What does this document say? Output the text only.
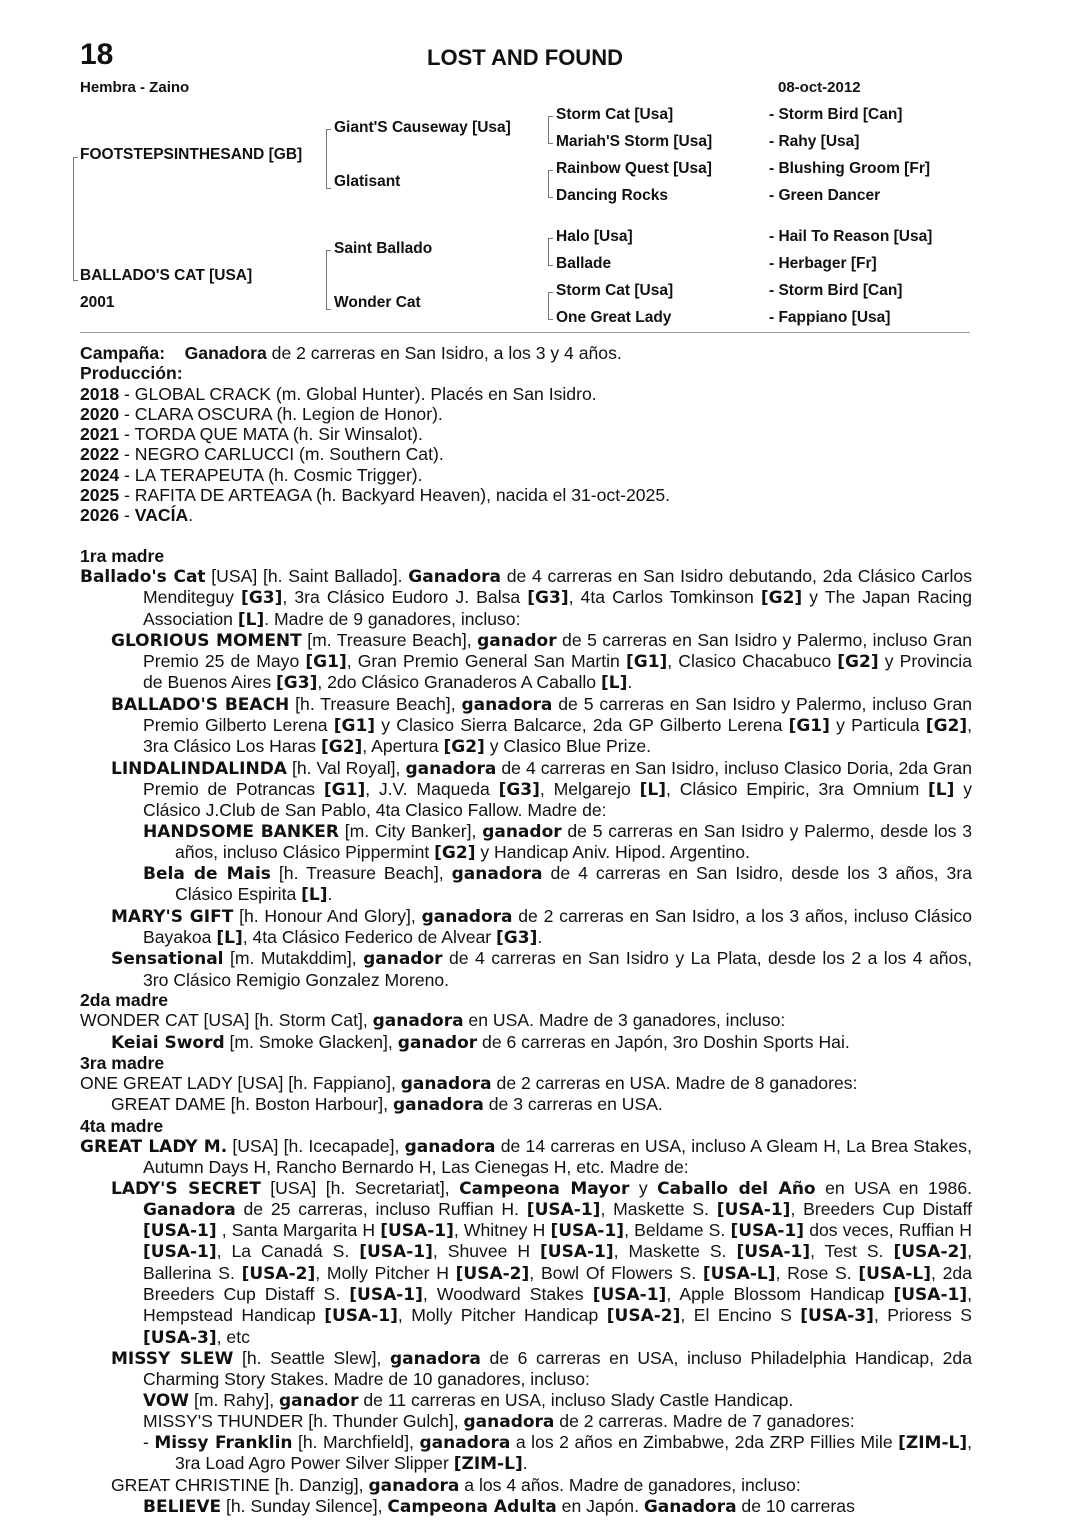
18	LOST AND FOUND
Hembra - Zaino	08-oct-2012
FOOTSTEPSINTHESAND [GB]
BALLADO'S CAT [USA]
2001
Giant'S Causeway [Usa]
Glatisant
Saint Ballado
Wonder Cat
Storm Cat [Usa]
Mariah'S Storm [Usa]
Rainbow Quest [Usa]
Dancing Rocks
Halo [Usa]
Ballade
Storm Cat [Usa]
One Great Lady
- Storm Bird [Can]
- Rahy [Usa]
- Blushing Groom [Fr]
- Green Dancer
- Hail To Reason [Usa]
- Herbager [Fr]
- Storm Bird [Can]
- Fappiano [Usa]

Campaña: Ganadora de 2 carreras en San Isidro, a los 3 y 4 años.

Producción:

2018 - GLOBAL CRACK (m. Global Hunter). Placés en San Isidro.

2020 - CLARA OSCURA (h. Legion de Honor).

2021 - TORDA QUE MATA (h. Sir Winsalot).

2022 - NEGRO CARLUCCI (m. Southern Cat).

2024 - LA TERAPEUTA (h. Cosmic Trigger).

2025 - RAFITA DE ARTEAGA (h. Backyard Heaven), nacida el 31-oct-2025.

2026 - VACÍA.

1ra madre

Ballado's Cat [USA] [h. Saint Ballado]. Ganadora de 4 carreras en San Isidro debutando, 2da Clásico Carlos Menditeguy [G3], 3ra Clásico Eudoro J. Balsa [G3], 4ta Carlos Tomkinson [G2] y The Japan Racing Association [L]. Madre de 9 ganadores, incluso:

GLORIOUS MOMENT [m. Treasure Beach], ganador de 5 carreras en San Isidro y Palermo, incluso Gran Premio 25 de Mayo [G1], Gran Premio General San Martin [G1], Clasico Chacabuco [G2] y Provincia de Buenos Aires [G3], 2do Clásico Granaderos A Caballo [L].

BALLADO'S BEACH [h. Treasure Beach], ganadora de 5 carreras en San Isidro y Palermo, incluso Gran Premio Gilberto Lerena [G1] y Clasico Sierra Balcarce, 2da GP Gilberto Lerena [G1] y Particula [G2], 3ra Clásico Los Haras [G2], Apertura [G2] y Clasico Blue Prize.

LINDALINDALINDA [h. Val Royal], ganadora de 4 carreras en San Isidro, incluso Clasico Doria, 2da Gran Premio de Potrancas [G1], J.V. Maqueda [G3], Melgarejo [L], Clásico Empiric, 3ra Omnium [L] y Clásico J.Club de San Pablo, 4ta Clasico Fallow. Madre de:

HANDSOME BANKER [m. City Banker], ganador de 5 carreras en San Isidro y Palermo, desde los 3 años, incluso Clásico Pippermint [G2] y Handicap Aniv. Hipod. Argentino.

Bela de Mais [h. Treasure Beach], ganadora de 4 carreras en San Isidro, desde los 3 años, 3ra Clásico Espirita [L].

MARY'S GIFT [h. Honour And Glory], ganadora de 2 carreras en San Isidro, a los 3 años, incluso Clásico Bayakoa [L], 4ta Clásico Federico de Alvear [G3].

Sensational [m. Mutakddim], ganador de 4 carreras en San Isidro y La Plata, desde los 2 a los 4 años, 3ro Clásico Remigio Gonzalez Moreno.

2da madre

WONDER CAT [USA] [h. Storm Cat], ganadora en USA. Madre de 3 ganadores, incluso:

Keiai Sword [m. Smoke Glacken], ganador de 6 carreras en Japón, 3ro Doshin Sports Hai.

3ra madre

ONE GREAT LADY [USA] [h. Fappiano], ganadora de 2 carreras en USA. Madre de 8 ganadores:

GREAT DAME [h. Boston Harbour], ganadora de 3 carreras en USA.

4ta madre

GREAT LADY M. [USA] [h. Icecapade], ganadora de 14 carreras en USA, incluso A Gleam H, La Brea Stakes, Autumn Days H, Rancho Bernardo H, Las Cienegas H, etc. Madre de:

LADY'S SECRET [USA] [h. Secretariat], Campeona Mayor y Caballo del Año en USA en 1986. Ganadora de 25 carreras, incluso Ruffian H. [USA-1], Maskette S. [USA-1], Breeders Cup Distaff [USA-1] , Santa Margarita H [USA-1], Whitney H [USA-1], Beldame S. [USA-1] dos veces, Ruffian H [USA-1], La Canadá S. [USA-1], Shuvee H [USA-1], Maskette S. [USA-1], Test S. [USA-2], Ballerina S. [USA-2], Molly Pitcher H [USA-2], Bowl Of Flowers S. [USA-L], Rose S. [USA-L], 2da Breeders Cup Distaff S. [USA-1], Woodward Stakes [USA-1], Apple Blossom Handicap [USA-1], Hempstead Handicap [USA-1], Molly Pitcher Handicap [USA-2], El Encino S [USA-3], Prioress S [USA-3], etc

MISSY SLEW [h. Seattle Slew], ganadora de 6 carreras en USA, incluso Philadelphia Handicap, 2da Charming Story Stakes. Madre de 10 ganadores, incluso:

VOW [m. Rahy], ganador de 11 carreras en USA, incluso Slady Castle Handicap.

MISSY'S THUNDER [h. Thunder Gulch], ganadora de 2 carreras. Madre de 7 ganadores:

- Missy Franklin [h. Marchfield], ganadora a los 2 años en Zimbabwe, 2da ZRP Fillies Mile [ZIM-L], 3ra Load Agro Power Silver Slipper [ZIM-L].

GREAT CHRISTINE [h. Danzig], ganadora a los 4 años. Madre de ganadores, incluso:

BELIEVE [h. Sunday Silence], Campeona Adulta en Japón. Ganadora de 10 carreras
